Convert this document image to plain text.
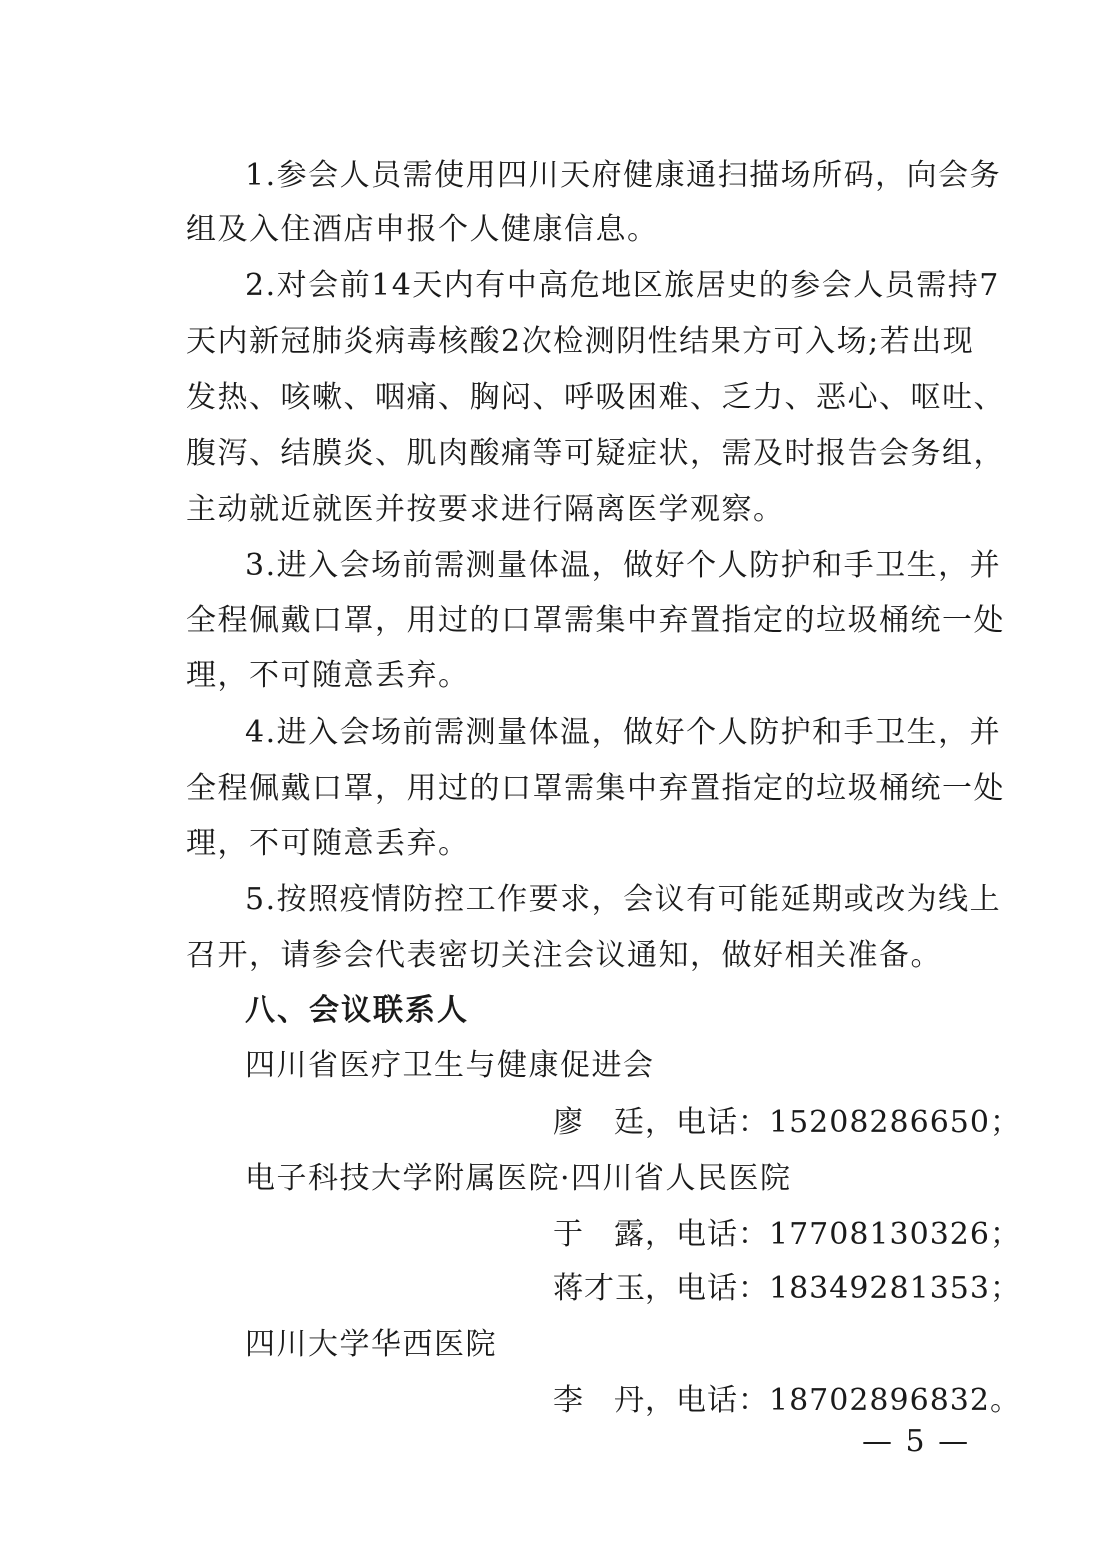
1.参会人员需使用四川天府健康通扫描场所码，向会务
组及入住酒店申报个人健康信息。
2.对会前14天内有中高危地区旅居史的参会人员需持7
天内新冠肺炎病毒核酸2次检测阴性结果方可入场;若出现
发热、咳嗽、咽痛、胸闷、呼吸困难、乏力、恶心、呕吐、
腹泻、结膜炎、肌肉酸痛等可疑症状，需及时报告会务组，
主动就近就医并按要求进行隔离医学观察。
3.进入会场前需测量体温，做好个人防护和手卫生，并
全程佩戴口罩，用过的口罩需集中弃置指定的垃圾桶统一处
理，不可随意丢弃。
4.进入会场前需测量体温，做好个人防护和手卫生，并
全程佩戴口罩，用过的口罩需集中弃置指定的垃圾桶统一处
理，不可随意丢弃。
5.按照疫情防控工作要求，会议有可能延期或改为线上
召开，请参会代表密切关注会议通知，做好相关准备。
八、会议联系人
四川省医疗卫生与健康促进会
廖廷，电话：15208286650；
电子科技大学附属医院·四川省人民医院
于露，电话：17708130326；
蒋才玉，电话：18349281353；
四川大学华西医院
李丹，电话：18702896832。
— 5 —
